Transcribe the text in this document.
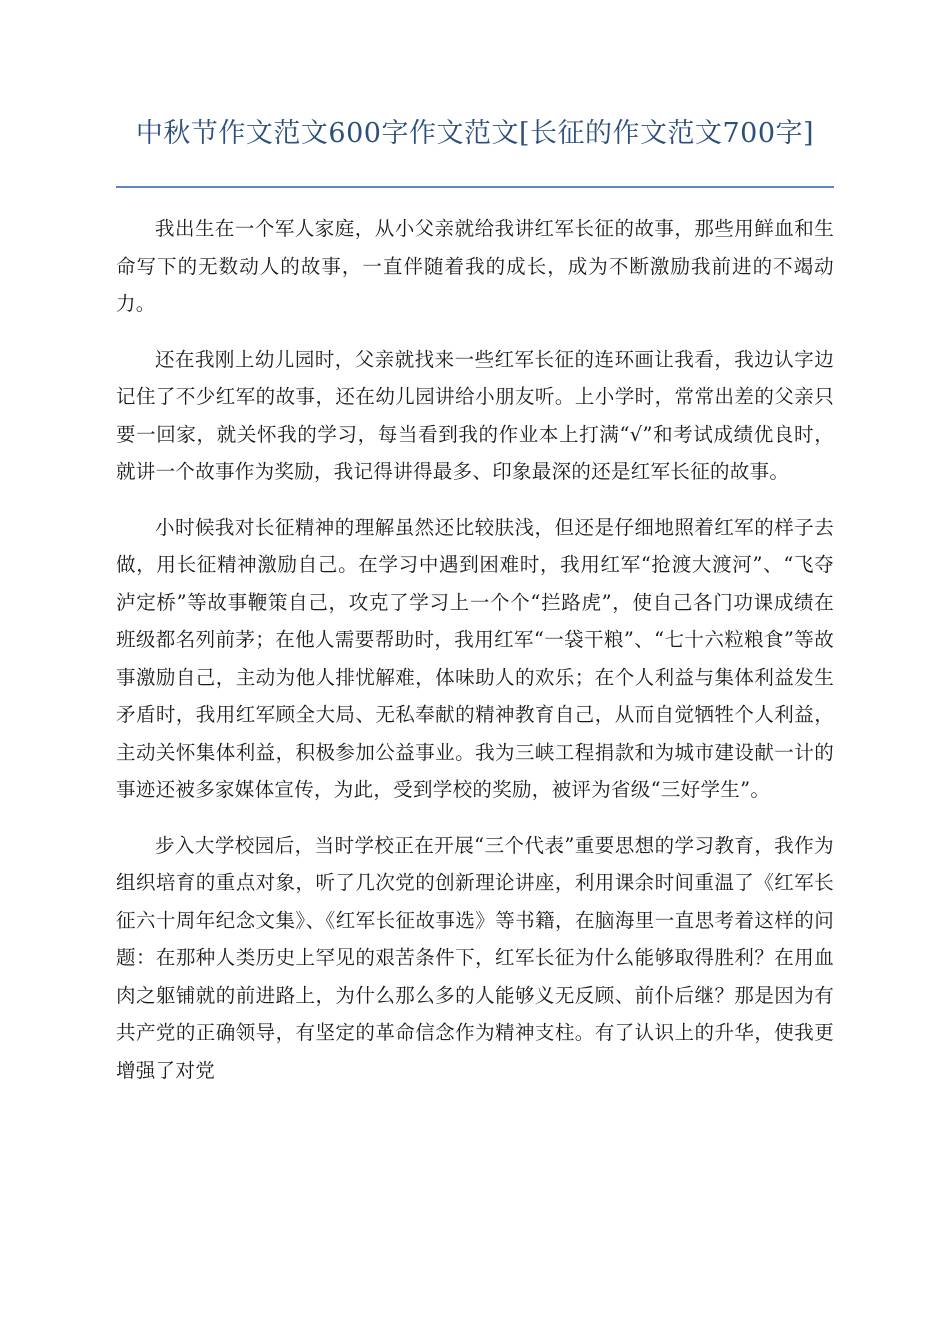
中秋节作文范文600字作文范文[长征的作文范文700字]

我出生在一个军人家庭，从小父亲就给我讲红军长征的故事，那些用鲜血和生命写下的无数动人的故事，一直伴随着我的成长，成为不断激励我前进的不竭动力。

还在我刚上幼儿园时，父亲就找来一些红军长征的连环画让我看，我边认字边记住了不少红军的故事，还在幼儿园讲给小朋友听。上小学时，常常出差的父亲只要一回家，就关怀我的学习，每当看到我的作业本上打满“√”和考试成绩优良时，就讲一个故事作为奖励，我记得讲得最多、印象最深的还是红军长征的故事。

小时候我对长征精神的理解虽然还比较肤浅，但还是仔细地照着红军的样子去做，用长征精神激励自己。在学习中遇到困难时，我用红军“抢渡大渡河”、“飞夺泸定桥”等故事鞭策自己，攻克了学习上一个个“拦路虎”，使自己各门功课成绩在班级都名列前茅；在他人需要帮助时，我用红军“一袋干粮”、“七十六粒粮食”等故事激励自己，主动为他人排忧解难，体味助人的欢乐；在个人利益与集体利益发生矛盾时，我用红军顾全大局、无私奉献的精神教育自己，从而自觉牺牲个人利益，主动关怀集体利益，积极参加公益事业。我为三峡工程捐款和为城市建设献一计的事迹还被多家媒体宣传，为此，受到学校的奖励，被评为省级“三好学生”。

步入大学校园后，当时学校正在开展“三个代表”重要思想的学习教育，我作为组织培育的重点对象，听了几次党的创新理论讲座，利用课余时间重温了《红军长征六十周年纪念文集》、《红军长征故事选》等书籍，在脑海里一直思考着这样的问题：在那种人类历史上罕见的艰苦条件下，红军长征为什么能够取得胜利？在用血肉之躯铺就的前进路上，为什么那么多的人能够义无反顾、前仆后继？那是因为有共产党的正确领导，有坚定的革命信念作为精神支柱。有了认识上的升华，使我更增强了对党
